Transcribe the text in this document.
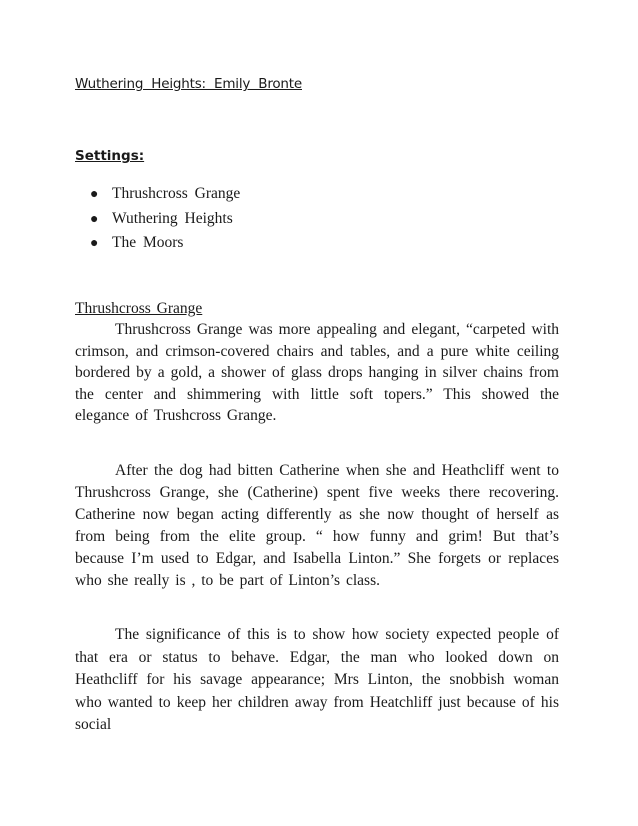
Wuthering Heights: Emily Bronte
Settings:
● Thrushcross Grange
● Wuthering Heights
● The Moors
Thrushcross Grange

Thrushcross Grange was more appealing and elegant, “carpeted with crimson, and crimson-covered chairs and tables, and a pure white ceiling bordered by a gold, a shower of glass drops hanging in silver chains from the center and shimmering with little soft topers.” This showed the elegance of Trushcross Grange.

After the dog had bitten Catherine when she and Heathcliff went to Thrushcross Grange, she (Catherine) spent five weeks there recovering. Catherine now began acting differently as she now thought of herself as from being from the elite group. “ how funny and grim! But that’s because I’m used to Edgar, and Isabella Linton.” She forgets or replaces who she really is , to be part of Linton’s class.

The significance of this is to show how society expected people of that era or status to behave. Edgar, the man who looked down on Heathcliff for his savage appearance; Mrs Linton, the snobbish woman who wanted to keep her children away from Heatchliff just because of his social
